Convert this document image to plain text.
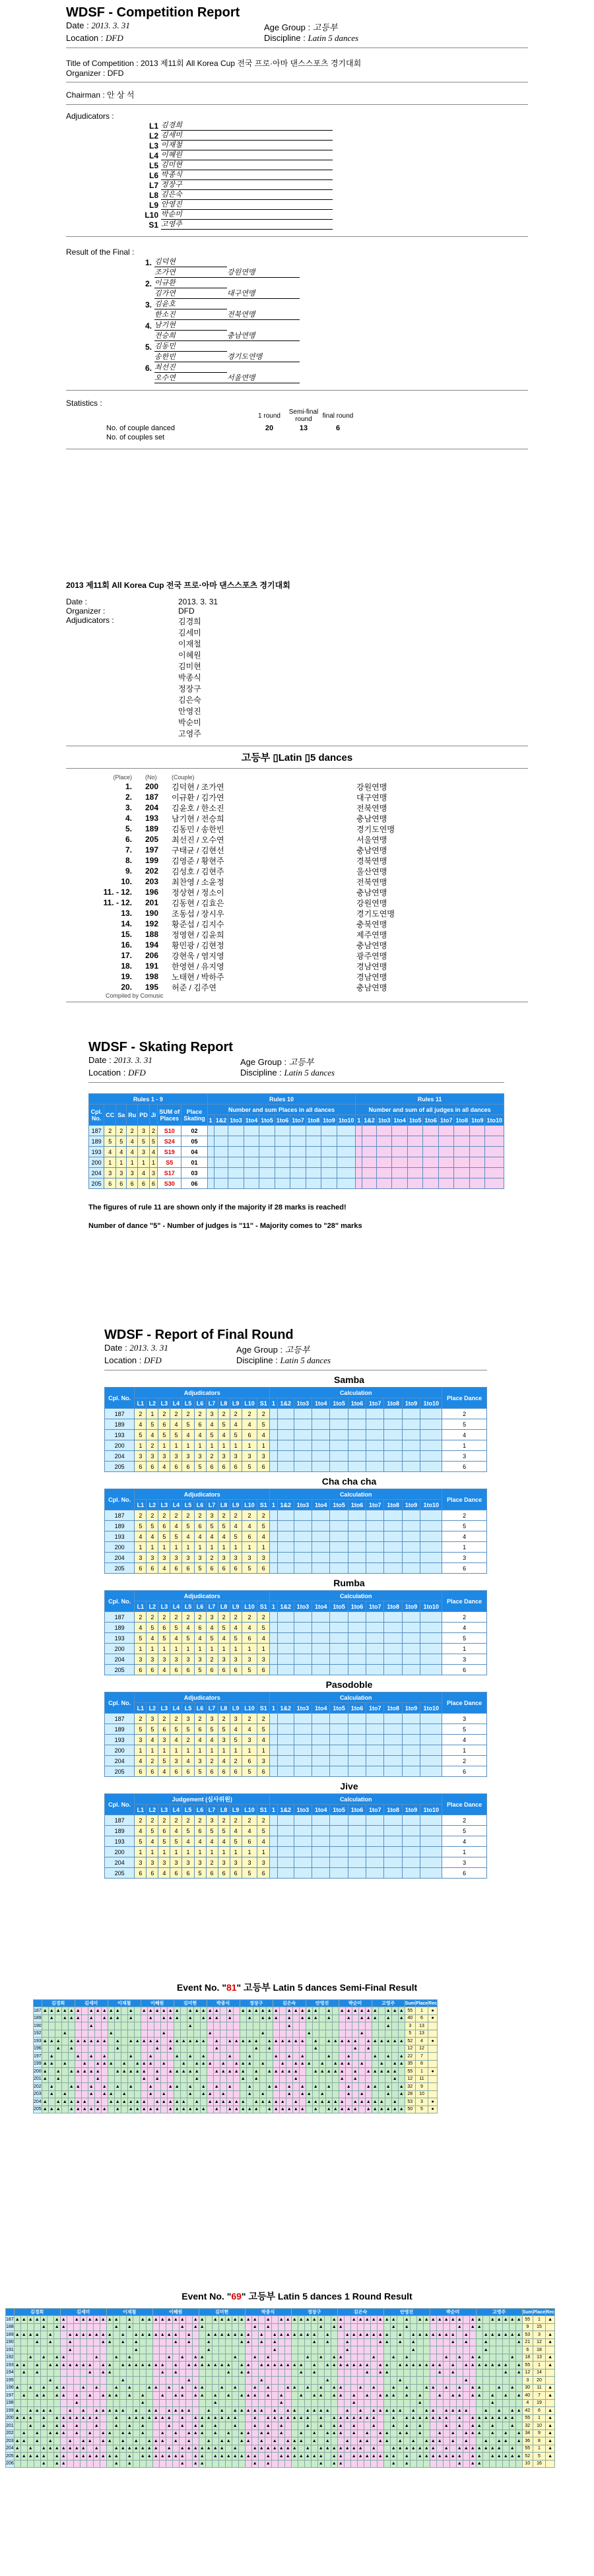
WDSF - Competition Report
Date : 2013. 3. 31	Age Group : 고등부
Location : DFD	Discipline : Latin 5 dances
Title of Competition : 2013 제11회 All Korea Cup 전국 프로·아마 댄스스포츠 경기대회
Organizer : DFD
Chairman : 안 상 석
Adjudicators :
L1 김경희
L2 김세미
L3 이재철
L4 이혜원
L5 김미현
L6 박종식
L7 정장구
L8 김은숙
L9 안영진
L10 박순미
S1 고영주
Result of the Final :
1. 김덕현
조가연	강원연맹
2. 이규환
김가연	대구연맹
3. 김윤호
한소진	전북연맹
4. 남기현
전승희	충남연맹
5. 김동민
송한빈	경기도연맹
6. 최선진
오수연	서울연맹
Statistics :
	1 round	Semi-final round	final round
No. of couple danced	20	13	6
No. of couples set			
2013 제11회 All Korea Cup 전국 프로·아마 댄스스포츠 경기대회
Date :	2013. 3. 31
Organizer :	DFD
Adjudicators :	김경희
김세미
이재철
이혜원
김미현
박종식
정장구
김은숙
안영진
박순미
고영주
고등부 ▯Latin ▯5 dances
(Place)	(No)	(Couple)
1.	200	김덕현 / 조가연	강원연맹
2.	187	이규환 / 김가연	대구연맹
3.	204	김윤호 / 한소진	전북연맹
4.	193	남기현 / 전승희	충남연맹
5.	189	김동민 / 송한빈	경기도연맹
6.	205	최선진 / 오수연	서울연맹
7.	197	구태균 / 김현선	충남연맹
8.	199	김영준 / 황현주	경북연맹
9.	202	김성호 / 김현주	울산연맹
10.	203	최찬영 / 소윤정	전북연맹
11. - 12.	196	정상현 / 정소이	충남연맹
11. - 12.	201	김동현 / 김효은	강원연맹
13.	190	조동섭 / 장시우	경기도연맹
14.	192	황준섭 / 김지수	충북연맹
15.	188	정영현 / 김윤희	제주연맹
16.	194	황민광 / 김현정	충남연맹
17.	206	강현욱 / 염지영	광주연맹
18.	191	한영현 / 유지영	경남연맹
19.	198	노태현 / 박하주	경남연맹
20.	195	허준 / 김주연	충남연맹
Compiled by Comusic
WDSF - Skating Report
Date : 2013. 3. 31	Age Group : 고등부
Location : DFD	Discipline : Latin 5 dances
Rules 1 - 9								Rules 10										Rules 11									
Cpl. No.	CC	Sa	Ru	PD	Ji	SUM of Places	Place Skating	Number and sum Places in all dances										Number and sum of all judges in all dances									
								1	1&2	1to3	1to4	1to5	1to6	1to7	1to8	1to9	1to10	1	1&2	1to3	1to4	1to5	1to6	1to7	1to8	1to9	1to10
187	2	2	2	3	2	S10	02																				
189	5	5	4	5	5	S24	05																				
193	4	4	4	3	4	S19	04																				
200	1	1	1	1	1	S5	01																				
204	3	3	3	4	3	S17	03																				
205	6	6	6	6	6	S30	06																				
The figures of rule 11 are shown only if the majority if 28 marks is reached!
Number of dance "5" - Number of judges is "11" - Majority comes to "28" marks
WDSF - Report of Final Round
Date : 2013. 3. 31	Age Group : 고등부
Location : DFD	Discipline : Latin 5 dances
Samba
Cpl. No.	Adjudicators											Calculation										Place Dance
	L1	L2	L3	L4	L5	L6	L7	L8	L9	L10	S1	1	1&2	1to3	1to4	1to5	1to6	1to7	1to8	1to9	1to10	
187	2	1	2	2	2	2	3	2	2	2	2											2
189	4	5	6	4	5	6	4	5	4	4	5											5
193	5	4	5	5	4	4	5	4	5	6	4											4
200	1	2	1	1	1	1	1	1	1	1	1											1
204	3	3	3	3	3	3	2	3	3	3	3											3
205	6	6	4	6	6	5	6	6	6	5	6											6
Cha cha cha
Cpl. No.	Adjudicators											Calculation										Place Dance
	L1	L2	L3	L4	L5	L6	L7	L8	L9	L10	S1	1	1&2	1to3	1to4	1to5	1to6	1to7	1to8	1to9	1to10	
187	2	2	2	2	2	2	3	2	2	2	2											2
189	5	5	6	4	5	6	5	5	4	4	5											5
193	4	4	5	5	4	4	4	4	5	6	4											4
200	1	1	1	1	1	1	1	1	1	1	1											1
204	3	3	3	3	3	3	2	3	3	3	3											3
205	6	6	4	6	6	5	6	6	6	5	6											6
Rumba
Cpl. No.	Adjudicators											Calculation										Place Dance
	L1	L2	L3	L4	L5	L6	L7	L8	L9	L10	S1	1	1&2	1to3	1to4	1to5	1to6	1to7	1to8	1to9	1to10	
187	2	2	2	2	2	2	3	2	2	2	2											2
189	4	5	6	5	4	6	4	5	4	4	5											4
193	5	4	5	4	5	4	5	4	5	6	4											5
200	1	1	1	1	1	1	1	1	1	1	1											1
204	3	3	3	3	3	3	2	3	3	3	3											3
205	6	6	4	6	6	5	6	6	6	5	6											6
Pasodoble
Cpl. No.	Adjudicators											Calculation										Place Dance
	L1	L2	L3	L4	L5	L6	L7	L8	L9	L10	S1	1	1&2	1to3	1to4	1to5	1to6	1to7	1to8	1to9	1to10	
187	2	3	2	2	3	2	3	2	3	2	2											3
189	5	5	6	5	5	6	5	5	4	4	5											5
193	3	4	3	4	2	4	4	3	5	3	4											4
200	1	1	1	1	1	1	1	1	1	1	1											1
204	4	2	5	3	4	3	2	4	2	6	3											2
205	6	6	4	6	6	5	6	6	6	5	6											6
Jive
Cpl. No.	Judgement (심사위원)											Calculation										Place Dance
	L1	L2	L3	L4	L5	L6	L7	L8	L9	L10	S1	1	1&2	1to3	1to4	1to5	1to6	1to7	1to8	1to9	1to10	
187	2	2	2	2	2	2	3	2	2	2	2											2
189	4	5	6	4	5	6	5	5	4	4	5											5
193	5	4	5	5	4	4	4	4	5	6	4											4
200	1	1	1	1	1	1	1	1	1	1	1											1
204	3	3	3	3	3	3	2	3	3	3	3											3
205	6	6	4	6	6	5	6	6	6	5	6											6
Event No. "81" 고등부 Latin 5 dances Semi-Final Result
	김경희					김세미					이재철					이혜원					김미현					박종식					정장구					김은숙					안영진					박순미					고영주					Sum	Place	Rec
187	▲	▲	▲	▲	▲	▲		▲	▲	▲	▲	▲		▲		▲	▲	▲	▲	▲	▲		▲	▲	▲	▲	▲		▲		▲	▲	▲	▲	▲	▲		▲	▲	▲	▲	▲		▲		▲	▲	▲	▲	▲	▲		▲	▲	▲	55	1	●
189		▲		▲	▲	▲		▲		▲	▲	▲		▲			▲		▲	▲	▲		▲		▲	▲	▲		▲			▲		▲	▲	▲		▲		▲	▲	▲		▲			▲		▲	▲	▲		▲		▲	40	6	●
190								▲															▲															▲															▲			3	13	
192				▲							▲								▲							▲								▲							▲								▲							5	13	
193	▲	▲	▲		▲	▲	▲	▲	▲	▲		▲		▲	▲	▲	▲	▲		▲	▲	▲	▲	▲	▲		▲		▲	▲	▲	▲	▲		▲	▲	▲	▲	▲	▲		▲		▲	▲	▲	▲	▲		▲	▲	▲	▲	▲	▲	52	4	●
196			▲		▲							▲						▲		▲							▲						▲		▲							▲						▲		▲						12	12	
197		▲				▲		▲		▲				▲			▲				▲		▲		▲				▲			▲				▲		▲		▲				▲			▲				▲		▲		▲	22	7	
199	▲	▲		▲			▲		▲	▲	▲		▲		▲	▲	▲		▲			▲		▲	▲	▲		▲		▲	▲	▲		▲			▲		▲	▲	▲		▲		▲	▲	▲		▲			▲		▲	▲	35	8	
200	▲		▲		▲	▲	▲	▲	▲			▲	▲	▲	▲	▲		▲		▲	▲	▲	▲	▲			▲	▲	▲	▲	▲		▲		▲	▲	▲	▲	▲			▲	▲	▲	▲	▲		▲		▲	▲	▲	▲	▲		55	1	●
201	▲		▲						▲							▲		▲						▲							▲		▲						▲							▲		▲						▲		12	11	
202		▲			▲	▲		▲		▲		▲		▲			▲			▲	▲		▲		▲		▲		▲			▲			▲	▲		▲		▲		▲		▲			▲			▲	▲		▲		▲	32	9	
203		▲		▲				▲		▲	▲		▲				▲		▲				▲		▲	▲		▲				▲		▲				▲		▲	▲		▲				▲		▲				▲		▲	28	10	
204	▲		▲	▲	▲	▲	▲		▲		▲	▲	▲	▲	▲	▲		▲	▲	▲	▲	▲		▲		▲	▲	▲	▲	▲	▲		▲	▲	▲	▲	▲		▲		▲	▲	▲	▲	▲	▲		▲	▲	▲	▲	▲		▲		53	3	●
205	▲	▲	▲		▲	▲	▲	▲	▲	▲		▲		▲	▲	▲	▲	▲		▲	▲	▲	▲	▲	▲		▲		▲	▲	▲	▲	▲		▲	▲	▲	▲	▲	▲		▲		▲	▲	▲	▲	▲		▲	▲	▲	▲	▲	▲	50	5	●
Event No. "69" 고등부 Latin 5 dances 1 Round Result
	김경희	김세미	이재철	이혜원	김미현	박종식	정장구	김은숙	안영진	박순미	고영주	Sum	Place	Rec
187	▲	▲	▲	▲	▲		▲	▲		▲	▲	▲	▲	▲	▲	▲		▲		▲	▲	▲	▲	▲	▲	▲		▲	▲		▲	▲	▲	▲	▲	▲	▲		▲		▲	▲	▲	▲	▲	▲	▲		▲	▲		▲	▲	▲	▲	▲	▲	▲		▲		▲	▲	▲	▲	▲	▲	▲		▲	▲		▲	▲	▲	▲	▲	55	1	▲
188					▲		▲	▲								▲		▲								▲		▲	▲								▲		▲								▲		▲	▲								▲		▲								▲		▲	▲							9	15	
189	▲	▲	▲	▲		▲			▲	▲	▲	▲	▲	▲	▲		▲		▲	▲	▲	▲	▲	▲	▲		▲			▲	▲	▲	▲	▲	▲	▲		▲		▲	▲	▲	▲	▲	▲	▲		▲			▲	▲	▲	▲	▲	▲	▲		▲		▲	▲	▲	▲	▲	▲	▲		▲			▲	▲	▲	▲	▲	▲	53	3	▲
190				▲		▲			▲					▲	▲		▲		▲						▲		▲			▲					▲	▲		▲		▲						▲		▲			▲					▲	▲		▲		▲						▲		▲			▲					▲	21	12	▲
191									▲										▲											▲										▲											▲										▲											▲						6	18	
192			▲		▲		▲	▲					▲			▲		▲						▲		▲		▲	▲					▲			▲		▲						▲		▲		▲	▲					▲			▲		▲						▲		▲		▲	▲					▲		18	13	▲
193	▲	▲		▲		▲	▲	▲	▲	▲	▲	▲		▲	▲		▲	▲	▲	▲	▲	▲	▲		▲		▲	▲	▲	▲	▲	▲	▲		▲	▲		▲	▲	▲	▲	▲	▲	▲		▲		▲	▲	▲	▲	▲	▲	▲		▲	▲		▲	▲	▲	▲	▲	▲	▲		▲		▲	▲	▲	▲	▲	▲	▲		▲	55	1	▲
194		▲		▲								▲		▲	▲								▲		▲								▲		▲	▲								▲		▲								▲		▲	▲								▲		▲								▲		▲	12	14	
195						▲											▲										▲											▲										▲											▲										▲									3	20	
196	▲		▲		▲		▲	▲			▲		▲			▲		▲			▲	▲		▲		▲		▲	▲			▲		▲			▲		▲			▲	▲		▲		▲		▲	▲			▲		▲			▲		▲			▲	▲		▲		▲		▲	▲			▲		▲		30	11	▲
197		▲		▲	▲		▲	▲		▲		▲		▲	▲	▲		▲		▲			▲		▲	▲		▲	▲		▲		▲		▲	▲	▲		▲		▲			▲		▲	▲		▲	▲		▲		▲		▲	▲	▲		▲		▲			▲		▲	▲		▲	▲		▲		▲		▲	40	7	▲
198										▲										▲											▲										▲											▲										▲											▲					4	19	
199	▲		▲	▲	▲	▲			▲		▲		▲	▲	▲	▲	▲		▲		▲	▲		▲	▲	▲	▲			▲		▲		▲	▲	▲	▲	▲		▲		▲	▲		▲	▲	▲	▲			▲		▲		▲	▲	▲	▲	▲		▲		▲	▲		▲	▲	▲	▲			▲		▲		▲	▲	42	6	▲
200	▲	▲	▲		▲		▲	▲	▲	▲	▲	▲	▲			▲		▲	▲	▲	▲	▲	▲	▲		▲		▲	▲	▲	▲	▲	▲	▲			▲		▲	▲	▲	▲	▲	▲	▲		▲		▲	▲	▲	▲	▲	▲	▲			▲		▲	▲	▲	▲	▲	▲	▲		▲		▲	▲	▲	▲	▲	▲	▲		55	1	▲
201			▲		▲		▲	▲		▲			▲			▲		▲		▲				▲		▲		▲	▲		▲			▲			▲		▲		▲				▲		▲		▲	▲		▲			▲			▲		▲		▲				▲		▲		▲	▲		▲			▲		32	10	▲
202		▲		▲		▲	▲	▲		▲		▲		▲	▲		▲	▲		▲			▲		▲		▲	▲	▲		▲		▲		▲	▲		▲	▲		▲			▲		▲		▲	▲	▲		▲		▲		▲	▲		▲	▲		▲			▲		▲		▲	▲	▲		▲		▲		▲	34	9	▲
203	▲	▲		▲		▲			▲		▲	▲		▲	▲		▲		▲		▲	▲	▲		▲		▲			▲		▲	▲		▲	▲		▲		▲		▲	▲	▲		▲		▲			▲		▲	▲		▲	▲		▲		▲		▲	▲	▲		▲		▲			▲		▲	▲		▲	36	8	▲
204	▲		▲		▲	▲	▲	▲	▲	▲	▲		▲			▲	▲	▲	▲	▲	▲	▲		▲		▲	▲	▲	▲	▲	▲	▲		▲			▲	▲	▲	▲	▲	▲	▲		▲		▲	▲	▲	▲	▲	▲	▲		▲			▲	▲	▲	▲	▲	▲	▲		▲		▲	▲	▲	▲	▲	▲	▲		▲		55	1	▲
205	▲	▲	▲	▲	▲		▲	▲		▲	▲	▲	▲	▲	▲	▲		▲		▲	▲	▲	▲	▲	▲	▲		▲	▲		▲	▲	▲	▲	▲	▲	▲		▲		▲	▲	▲	▲	▲	▲	▲		▲	▲		▲	▲	▲	▲	▲	▲	▲		▲		▲	▲	▲	▲	▲	▲	▲		▲	▲		▲	▲	▲	▲	▲	52	5	▲
206					▲		▲	▲								▲		▲								▲		▲	▲								▲		▲								▲		▲	▲								▲		▲								▲		▲	▲							10	16	
